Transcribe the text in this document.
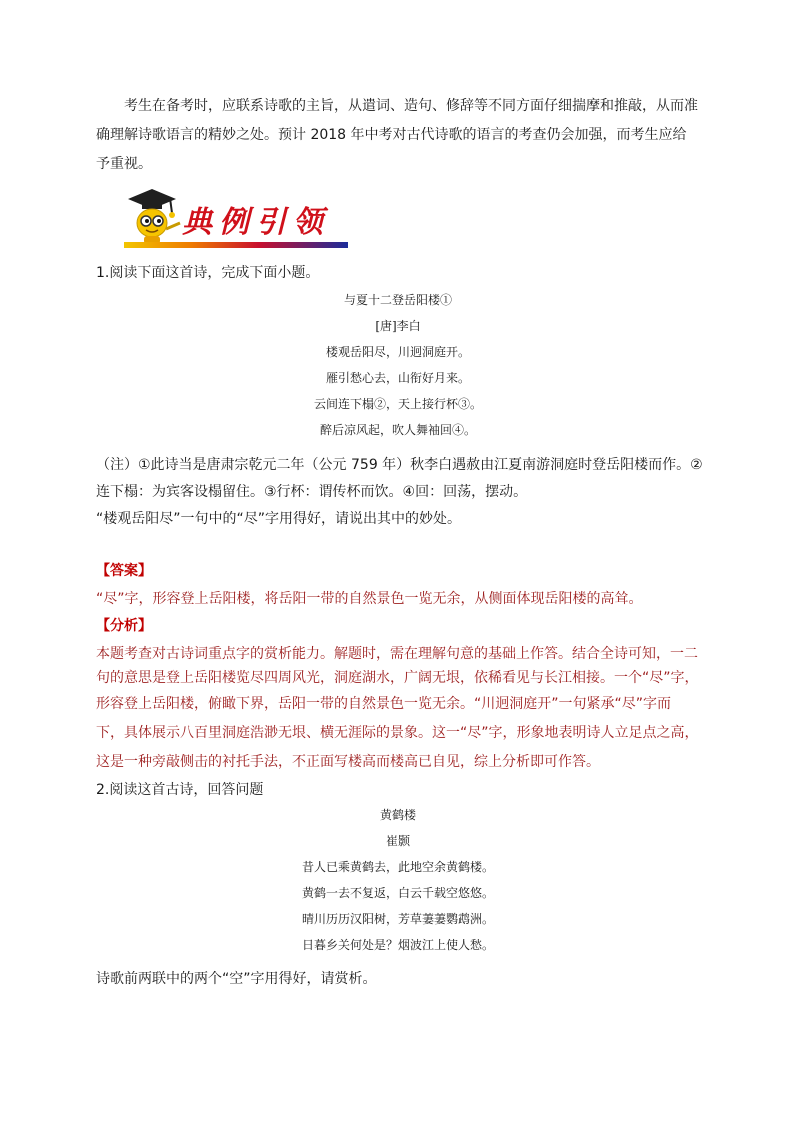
考生在备考时，应联系诗歌的主旨，从遣词、造句、修辞等不同方面仔细揣摩和推敲，从而准确理解诗歌语言的精妙之处。预计 2018 年中考对古代诗歌的语言的考查仍会加强，而考生应给予重视。

典例引领

1.阅读下面这首诗，完成下面小题。

与夏十二登岳阳楼①
[唐]李白
楼观岳阳尽，川迥洞庭开。
雁引愁心去，山衔好月来。
云间连下榻②，天上接行杯③。
醉后凉风起，吹人舞袖回④。

（注）①此诗当是唐肃宗乾元二年（公元 759 年）秋李白遇赦由江夏南游洞庭时登岳阳楼而作。②

连下榻：为宾客设榻留住。③行杯：谓传杯而饮。④回：回荡，摆动。

“楼观岳阳尽”一句中的“尽”字用得好，请说出其中的妙处。

【答案】

“尽”字，形容登上岳阳楼，将岳阳一带的自然景色一览无余，从侧面体现岳阳楼的高耸。

【分析】

本题考查对古诗词重点字的赏析能力。解题时，需在理解句意的基础上作答。结合全诗可知，一二

句的意思是登上岳阳楼览尽四周风光，洞庭湖水，广阔无垠，依稀看见与长江相接。一个“尽”字，

形容登上岳阳楼，俯瞰下界，岳阳一带的自然景色一览无余。“川迥洞庭开”一句紧承“尽”字而

下，具体展示八百里洞庭浩渺无垠、横无涯际的景象。这一“尽”字，形象地表明诗人立足点之高，

这是一种旁敲侧击的衬托手法，不正面写楼高而楼高已自见，综上分析即可作答。

2.阅读这首古诗，回答问题

黄鹤楼
崔颢
昔人已乘黄鹤去，此地空余黄鹤楼。
黄鹤一去不复返，白云千载空悠悠。
晴川历历汉阳树，芳草萋萋鹦鹉洲。
日暮乡关何处是？烟波江上使人愁。

诗歌前两联中的两个“空”字用得好，请赏析。
